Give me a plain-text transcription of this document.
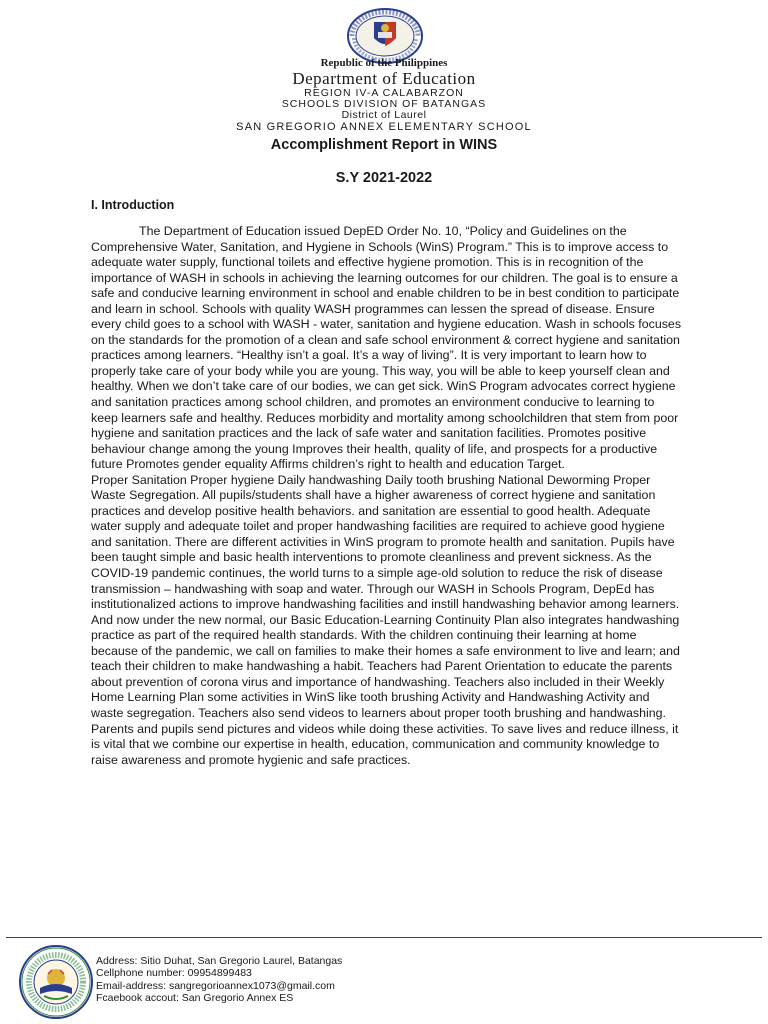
Republic of the Philippines
Department of Education
REGION IV-A CALABARZON
SCHOOLS DIVISION OF BATANGAS
District of Laurel
SAN GREGORIO ANNEX ELEMENTARY SCHOOL
Accomplishment Report in WINS
S.Y 2021-2022
I. Introduction

The Department of Education issued DepED Order No. 10, “Policy and Guidelines on the Comprehensive Water, Sanitation, and Hygiene in Schools (WinS) Program.” This is to improve access to adequate water supply, functional toilets and effective hygiene promotion. This is in recognition of the importance of WASH in schools in achieving the learning outcomes for our children. The goal is to ensure a safe and conducive learning environment in school and enable children to be in best condition to participate and learn in school. Schools with quality WASH programmes can lessen the spread of disease. Ensure every child goes to a school with WASH - water, sanitation and hygiene education. Wash in schools focuses on the standards for the promotion of a clean and safe school environment & correct hygiene and sanitation practices among learners. “Healthy isn’t a goal. It’s a way of living”. It is very important to learn how to properly take care of your body while you are young. This way, you will be able to keep yourself clean and healthy. When we don’t take care of our bodies, we can get sick. WinS Program advocates correct hygiene and sanitation practices among school children, and promotes an environment conducive to learning to keep learners safe and healthy. Reduces morbidity and mortality among schoolchildren that stem from poor hygiene and sanitation practices and the lack of safe water and sanitation facilities. Promotes positive behaviour change among the young Improves their health, quality of life, and prospects for a productive future Promotes gender equality Affirms children’s right to health and education Target.

Proper Sanitation Proper hygiene Daily handwashing Daily tooth brushing National Deworming Proper Waste Segregation. All pupils/students shall have a higher awareness of correct hygiene and sanitation practices and develop positive health behaviors. and sanitation are essential to good health. Adequate water supply and adequate toilet and proper handwashing facilities are required to achieve good hygiene and sanitation. There are different activities in WinS program to promote health and sanitation. Pupils have been taught simple and basic health interventions to promote cleanliness and prevent sickness. As the COVID-19 pandemic continues, the world turns to a simple age-old solution to reduce the risk of disease transmission – handwashing with soap and water. Through our WASH in Schools Program, DepEd has institutionalized actions to improve handwashing facilities and instill handwashing behavior among learners. And now under the new normal, our Basic Education-Learning Continuity Plan also integrates handwashing practice as part of the required health standards. With the children continuing their learning at home because of the pandemic, we call on families to make their homes a safe environment to live and learn; and teach their children to make handwashing a habit. Teachers had Parent Orientation to educate the parents about prevention of corona virus and importance of handwashing. Teachers also included in their Weekly Home Learning Plan some activities in WinS like tooth brushing Activity and Handwashing Activity and waste segregation. Teachers also send videos to learners about proper tooth brushing and handwashing. Parents and pupils send pictures and videos while doing these activities. To save lives and reduce illness, it is vital that we combine our expertise in health, education, communication and community knowledge to raise awareness and promote hygienic and safe practices.

Address: Sitio Duhat, San Gregorio Laurel, Batangas
Cellphone number: 09954899483
Email-address: sangregorioannex1073@gmail.com
Fcaebook accout: San Gregorio Annex ES
